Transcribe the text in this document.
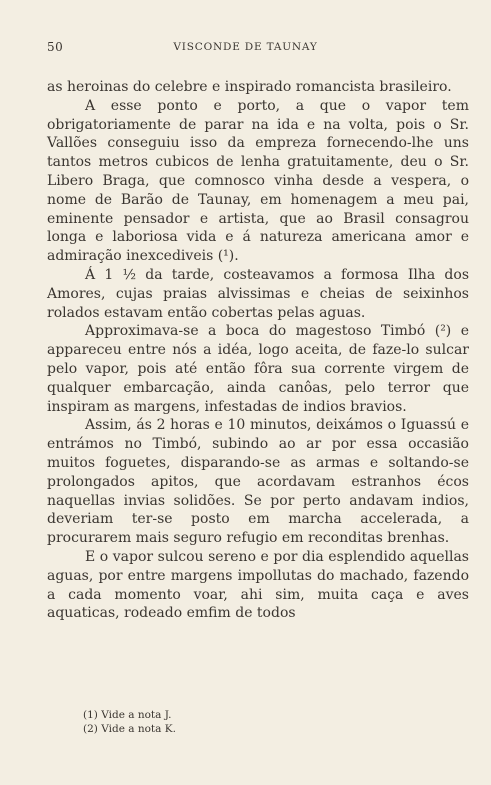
50	VISCONDE DE TAUNAY

as heroinas do celebre e inspirado romancista brasileiro.

A esse ponto e porto, a que o vapor tem obrigatoriamente de parar na ida e na volta, pois o Sr. Vallões conseguiu isso da empreza fornecendo-lhe uns tantos metros cubicos de lenha gratuitamente, deu o Sr. Libero Braga, que comnosco vinha desde a vespera, o nome de Barão de Taunay, em homenagem a meu pai, eminente pensador e artista, que ao Brasil consagrou longa e laboriosa vida e á natureza americana amor e admiração inexcediveis (¹).

Á 1 ½ da tarde, costeavamos a formosa Ilha dos Amores, cujas praias alvissimas e cheias de seixinhos rolados estavam então cobertas pelas aguas.

Approximava-se a boca do magestoso Timbó (²) e appareceu entre nós a idéa, logo aceita, de faze-lo sulcar pelo vapor, pois até então fôra sua corrente virgem de qualquer embarcação, ainda canôas, pelo terror que inspiram as margens, infestadas de indios bravios.

Assim, ás 2 horas e 10 minutos, deixámos o Iguassú e entrámos no Timbó, subindo ao ar por essa occasião muitos foguetes, disparando-se as armas e soltando-se prolongados apitos, que acordavam estranhos écos naquellas invias solidões. Se por perto andavam indios, deveriam ter-se posto em marcha accelerada, a procurarem mais seguro refugio em reconditas brenhas.

E o vapor sulcou sereno e por dia esplendido aquellas aguas, por entre margens impollutas do machado, fazendo a cada momento voar, ahi sim, muita caça e aves aquaticas, rodeado emfim de todos

(1) Vide a nota J.
(2) Vide a nota K.
